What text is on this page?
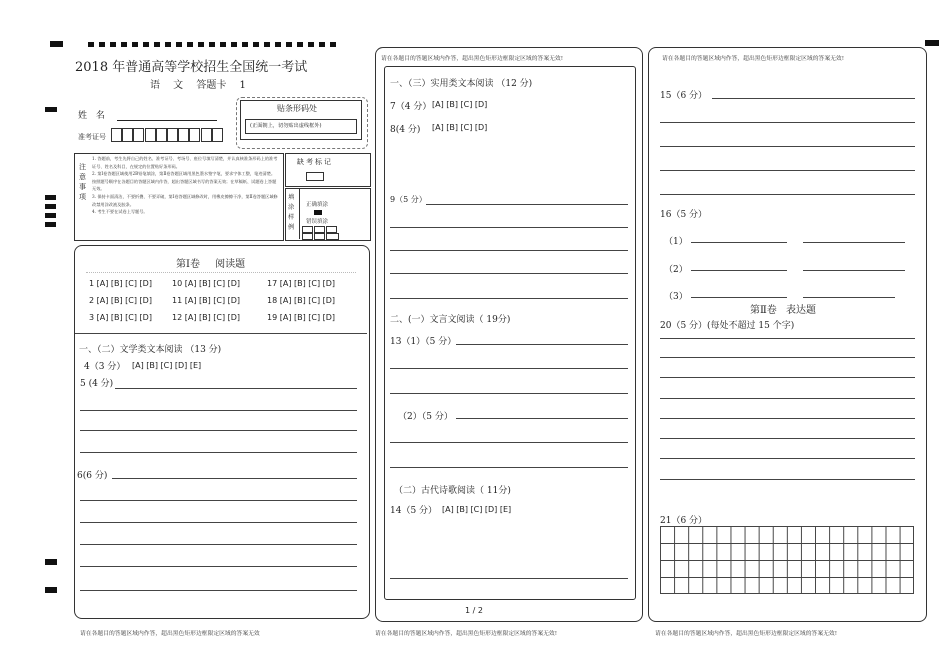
2018 年普通高等学校招生全国统一考试
语 文 答题卡 1
姓 名
准考证号
贴条形码处
(正面朝上，切勿贴出虚线框外)
注 意 事 项
1. 答题前，考生先将自己的姓名、准考证号、考场号、座位号填写清楚，并认真核准条形码上的准考证号、姓名及科目，在规定的位置贴好条形码。
2. 第Ⅰ卷答题区域使用2B铅笔填涂，第Ⅱ卷答题区域用黑色墨水签字笔，要求字体工整，笔迹清楚。按照题号顺序在各题目的答题区域内作答，超出答题区域书写的答案无效；在草稿纸、试题卷上答题无效。
3. 保持卡面清洁，不要折叠、不要弄破，第Ⅰ卷答题区域修改时，用橡皮擦擦干净，第Ⅱ卷答题区域修改禁用涂改液及胶条。
4. 考生不要在试卷上写题号。
缺考标记
填 涂 样 例
正确填涂
错误填涂
第Ⅰ卷 阅读题
1 [A] [B] [C] [D]	10 [A] [B] [C] [D]	17 [A] [B] [C] [D]
2 [A] [B] [C] [D]	11 [A] [B] [C] [D]	18 [A] [B] [C] [D]
3 [A] [B] [C] [D]	12 [A] [B] [C] [D]	19 [A] [B] [C] [D]
一、（二）文学类文本阅读 （13 分)
4（3 分） [A] [B] [C] [D] [E]
5 (4 分)
6(6 分)
请在各题目的答题区域内作答，超出黑色矩形边框限定区域的答案无效!
一、（三）实用类文本阅读 （12 分)
7（4 分） [A] [B] [C] [D]
8(4 分) [A] [B] [C] [D]
9（5 分）
二、(一）文言文阅读（ 19分)
13（1）（5 分）
（2）（5 分）
（二）古代诗歌阅读（ 11分)
14（5 分） [A] [B] [C] [D] [E]
1 / 2
请在各题目的答题区域内作答，超出黑色矩形边框限定区域的答案无效!
15（6 分）
16（5 分）
（1）
（2）
（3）
第Ⅱ卷 表达题
20（5 分）(每处不超过 15 个字)
21（6 分）
请在各题目的答题区域内作答，超出黑色矩形边框限定区域的答案无效	请在各题目的答题区域内作答，超出黑色矩形边框限定区域的答案无效!	请在各题目的答题区域内作答，超出黑色矩形边框限定区域的答案无效!
